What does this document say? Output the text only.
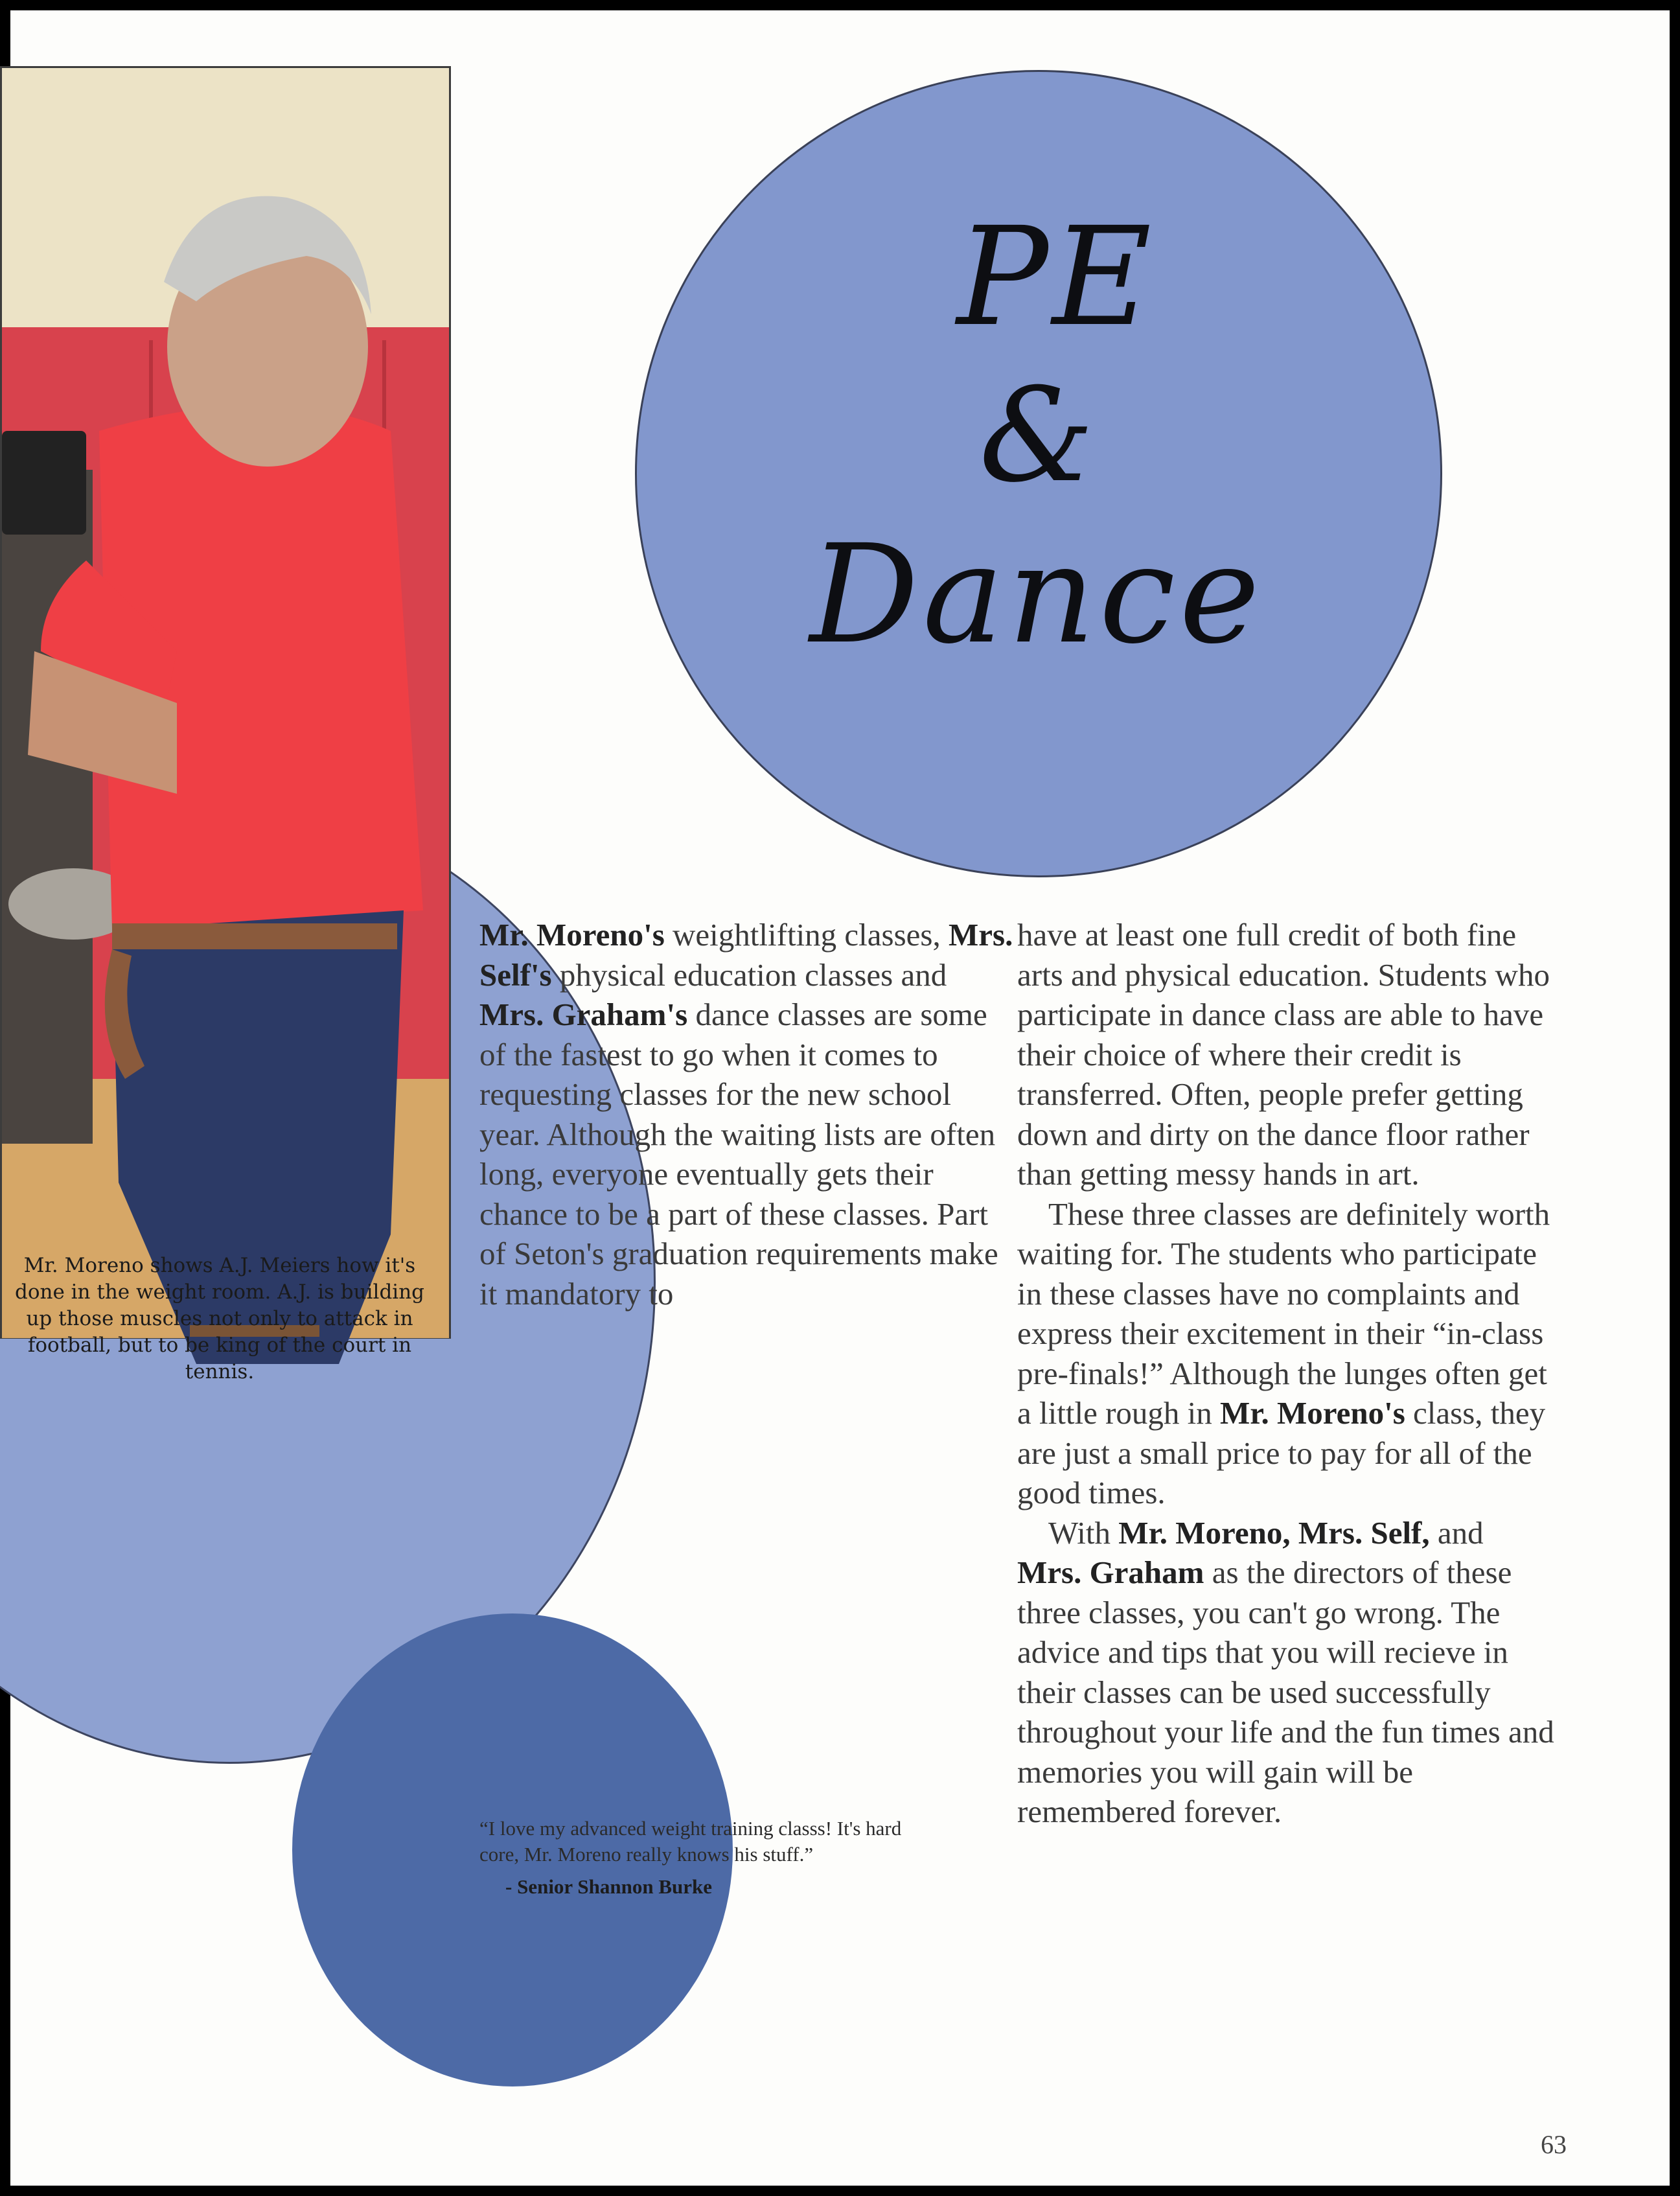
PE
&
Dance
Mr. Moreno shows A.J. Meiers how it's done in the weight room. A.J. is building up those muscles not only to attack in football, but to be king of the court in tennis.

Mr. Moreno's weightlifting classes, Mrs. Self's physical education classes and Mrs. Graham's dance classes are some of the fastest to go when it comes to requesting classes for the new school year. Although the waiting lists are often long, everyone eventually gets their chance to be a part of these classes. Part of Seton's graduation requirements make it mandatory to

have at least one full credit of both fine arts and physical education. Students who participate in dance class are able to have their choice of where their credit is transferred. Often, people prefer getting down and dirty on the dance floor rather than getting messy hands in art.

These three classes are definitely worth waiting for. The students who participate in these classes have no complaints and express their excitement in their “in-class pre-finals!” Although the lunges often get a little rough in Mr. Moreno's class, they are just a small price to pay for all of the good times.

With Mr. Moreno, Mrs. Self, and Mrs. Graham as the directors of these three classes, you can't go wrong. The advice and tips that you will recieve in their classes can be used successfully throughout your life and the fun times and memories you will gain will be remembered forever.

“I love my advanced weight training classs! It's hard core, Mr. Moreno really knows his stuff.”
- Senior Shannon Burke
63
